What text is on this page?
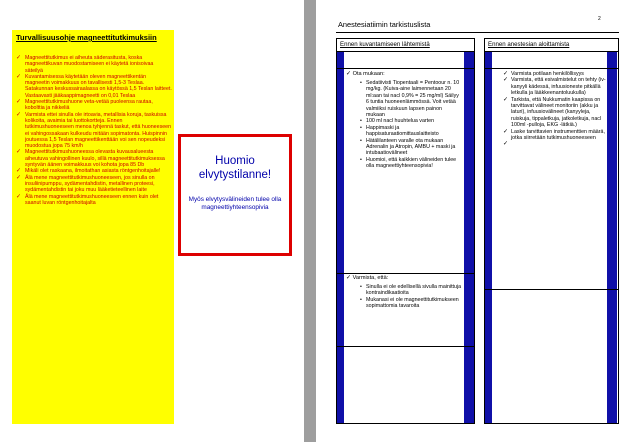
Turvallisuusohje magneettitutkimuksiin
✓ Magneettitutkimus ei aiheuta säderasitusta, koska magneettikuvan muodostamiseen ei käytetä ionisoivaa säteilyä
✓ Kuvantamisessa käytetään oleven magneettikentän magneetin voimakkuus on tavallisesti 1,5-3 Teslaa. Satakunnan keskussairaalassa on käytössä 1,5 Teslan laitteet. Vastaavasti jääkaappimagneetti on 0,01 Teslaa
✓ Magneettitutkimushuone veta-vetää puoleensa rautaa, kobolttia ja nikkeliä
✓ Varmista ettei sinulla ole irtoavia, metallisia koruja, taskuissa kolikoita, avaimia tai luottokortteja. Ennen tutkimushuoneeseen menoa tyhjennä taskut, että huoneeseen ei vahingossakaan kulkeudu mitään sopimatonta. Huispinnin joutuessa 1,5 Teslan magneettikenttään voi sen nopeudeksi muodostua jopa 75 km/h
✓ Magneettitutkimushuoneessa olevasta kuvausalueesta aiheutuva vahingollinen kuulo, sillä magneettitutkimuksessa syntyvän äänen voimakkuus voi kohota jopa 85 Db
✓ Mikäli olet raskaana, ilmoitathan asiasta röntgenhoitajalle!
✓ Älä mene magneettitutkimushuoneeseen, jos sinulla on insuliinipumppu, sydämentahdistin, metallinen proteesi, sydämentahdistin tai joku muu lääketieteellinen laite
✓ Älä mene magneettitutkimushuoneeseen ennen kuin olet saanut luvan röntgenhoitajalta
Huomio elvytystilanne!
Myös elvytysvälineiden tulee olla magneettiyhteensopivia
Anestesiatiimin tarkistuslista
2
Ennen kuvantamiseen lähtemistä
✓ Ota mukaan:
• Sedatiivisti Tiopentaali = Pentoour n. 10 mg/kg. (Kuiva-aine laimennetaan 20 ml:aan tai nacl 0,9% = 25 mg/ml) Säilyy 6 tuntia huoneenlämmössä. Voit vetää valmiiksi ruiskuun lapsen painon mukaan
• 100 ml nacl huuhtelua varten
• Happimaski ja happisaturaatiomittauslaitteisto
• Hätälilanteen varalle ota mukaan Adrenalin ja Atropin, AMBU + maski ja intubaatiovälineet
• Huomioi, että kaikkien välineiden tulee olla magneettiyhteensopivia!
✓ Varmista, että:
• Sinulla ei ole edellisellä sivulla mainittuja kontraindikaatioita
• Mukanasi ei ole magneettitutkimukseen sopimattomia tavaroita
Ennen anestesian aloittamista
✓ Varmista potilaan henkilöllisyys
✓ Varmista, että esivalmistelut on tehty (iv-kanyyli kädessä, infuusioneste pitkällä letkulla ja lääkkeenantoluukulla)
✓ Tarkista, että Nukkumatin kaapissa on tarvittavat välineet monitoriin (akku ja laturi), infuusiovälineet (kanyyleja, ruiskuja, tippaletkuja, jatkoletkuja, nacl 100ml -pulloja, EKG -lätkiä.)
✓ Laske tarvittavien instrumenttien määrä, jotka siirretään tutkimushuoneeseen
✓
